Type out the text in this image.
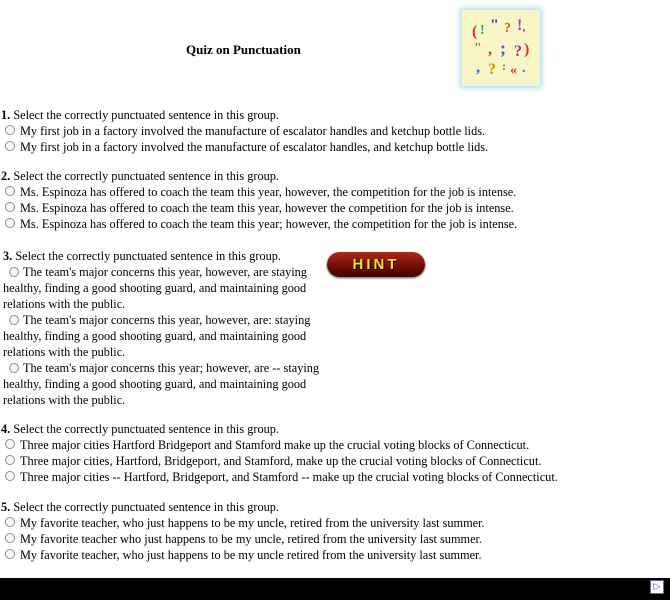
Quiz on Punctuation
( ! " ? !
'
" , ; ? )
, ? : « .
1. Select the correctly punctuated sentence in this group.
My first job in a factory involved the manufacture of escalator handles and ketchup bottle lids.
My first job in a factory involved the manufacture of escalator handles, and ketchup bottle lids.
2. Select the correctly punctuated sentence in this group.
Ms. Espinoza has offered to coach the team this year, however, the competition for the job is intense.
Ms. Espinoza has offered to coach the team this year, however the competition for the job is intense.
Ms. Espinoza has offered to coach the team this year; however, the competition for the job is intense.
3. Select the correctly punctuated sentence in this group.
The team's major concerns this year, however, are staying healthy, finding a good shooting guard, and maintaining good relations with the public.
The team's major concerns this year, however, are: staying healthy, finding a good shooting guard, and maintaining good relations with the public.
The team's major concerns this year; however, are -- staying healthy, finding a good shooting guard, and maintaining good relations with the public.
HINT
4. Select the correctly punctuated sentence in this group.
Three major cities Hartford Bridgeport and Stamford make up the crucial voting blocks of Connecticut.
Three major cities, Hartford, Bridgeport, and Stamford, make up the crucial voting blocks of Connecticut.
Three major cities -- Hartford, Bridgeport, and Stamford -- make up the crucial voting blocks of Connecticut.
5. Select the correctly punctuated sentence in this group.
My favorite teacher, who just happens to be my uncle, retired from the university last summer.
My favorite teacher who just happens to be my uncle, retired from the university last summer.
My favorite teacher, who just happens to be my uncle retired from the university last summer.
▷
